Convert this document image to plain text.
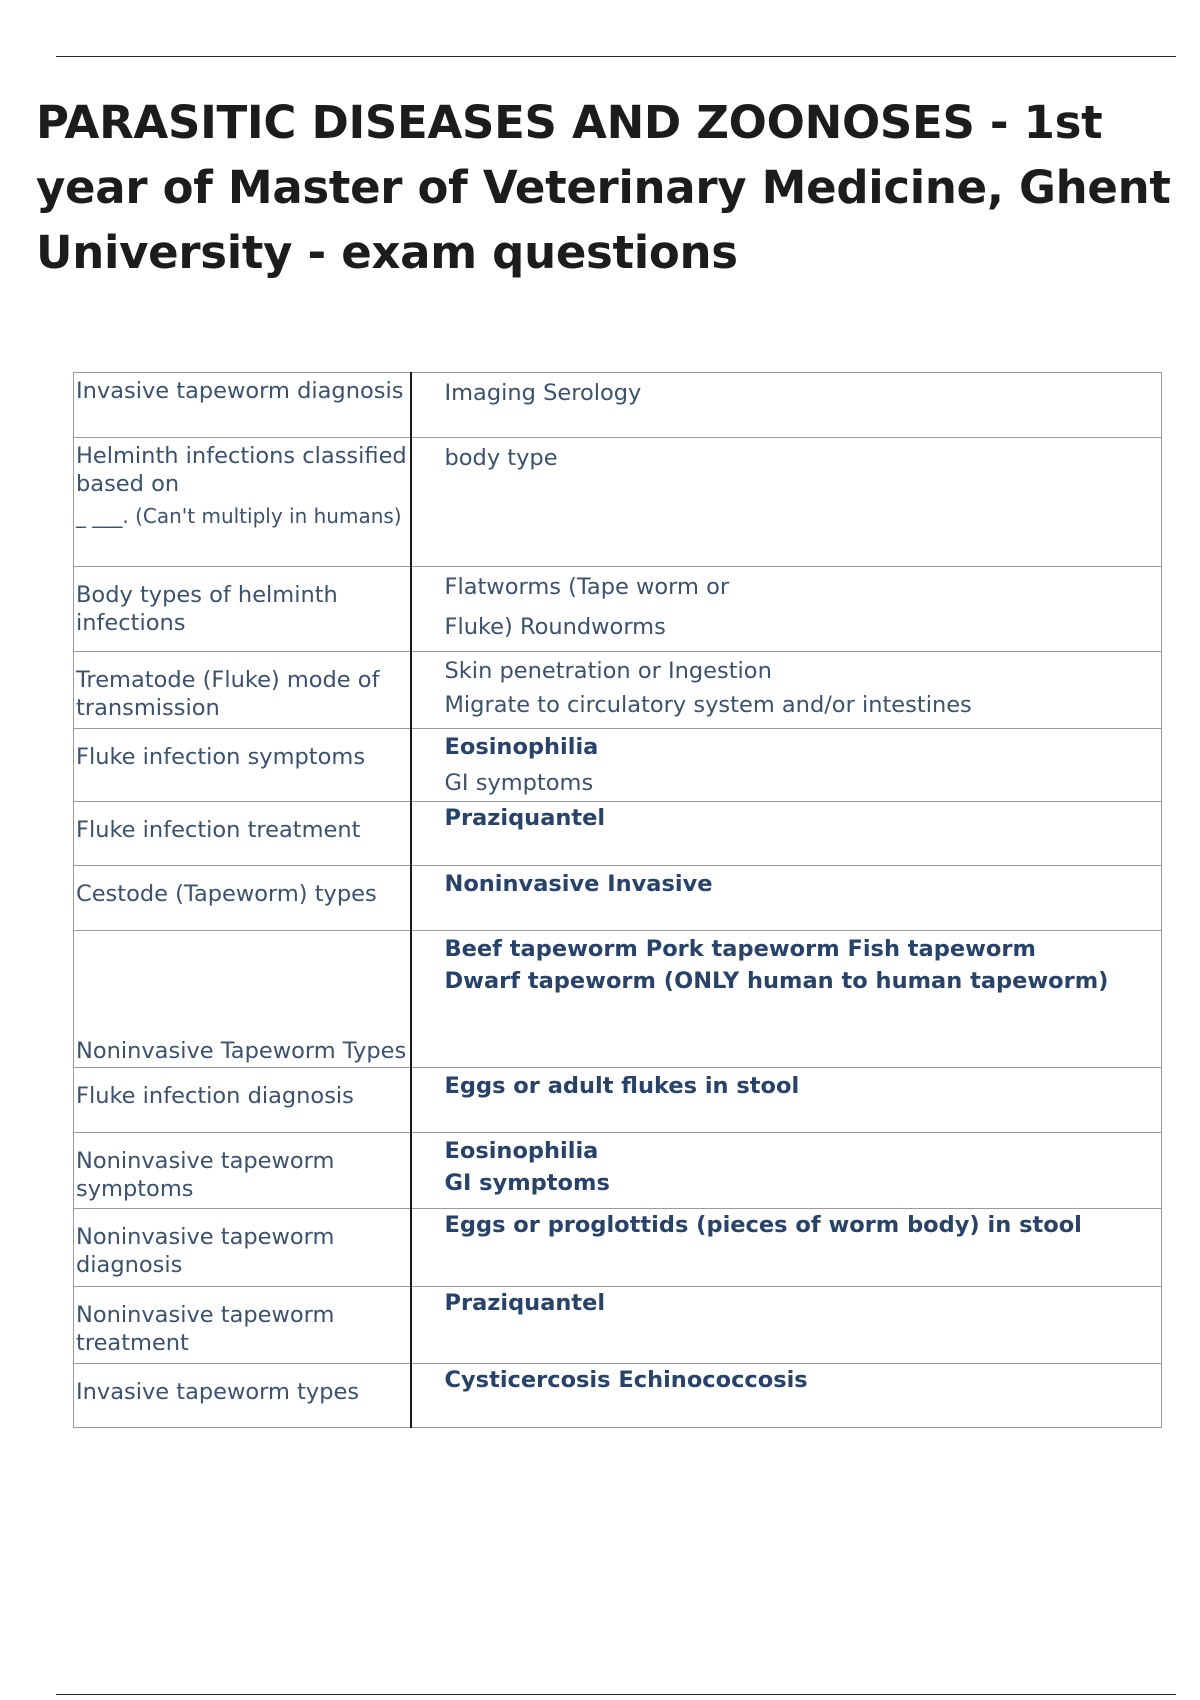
PARASITIC DISEASES AND ZOONOSES - 1st year of Master of Veterinary Medicine, Ghent University - exam questions
Invasive tapeworm diagnosis	Imaging Serology
Helminth infections classified based on
_ ___. (Can't multiply in humans)	body type
Body types of helminth infections	Flatworms (Tape worm or
Fluke) Roundworms

Trematode (Fluke) mode of transmission	Skin penetration or Ingestion
Migrate to circulatory system and/or intestines

Fluke infection symptoms	Eosinophilia
GI symptoms

Fluke infection treatment	Praziquantel
Cestode (Tapeworm) types	Noninvasive Invasive
Noninvasive Tapeworm Types	Beef tapeworm Pork tapeworm Fish tapeworm
Dwarf tapeworm (ONLY human to human tapeworm)

Fluke infection diagnosis	Eggs or adult flukes in stool
Noninvasive tapeworm symptoms	Eosinophilia
GI symptoms

Noninvasive tapeworm diagnosis	Eggs or proglottids (pieces of worm body) in stool
Noninvasive tapeworm treatment	Praziquantel
Invasive tapeworm types	Cysticercosis Echinococcosis
